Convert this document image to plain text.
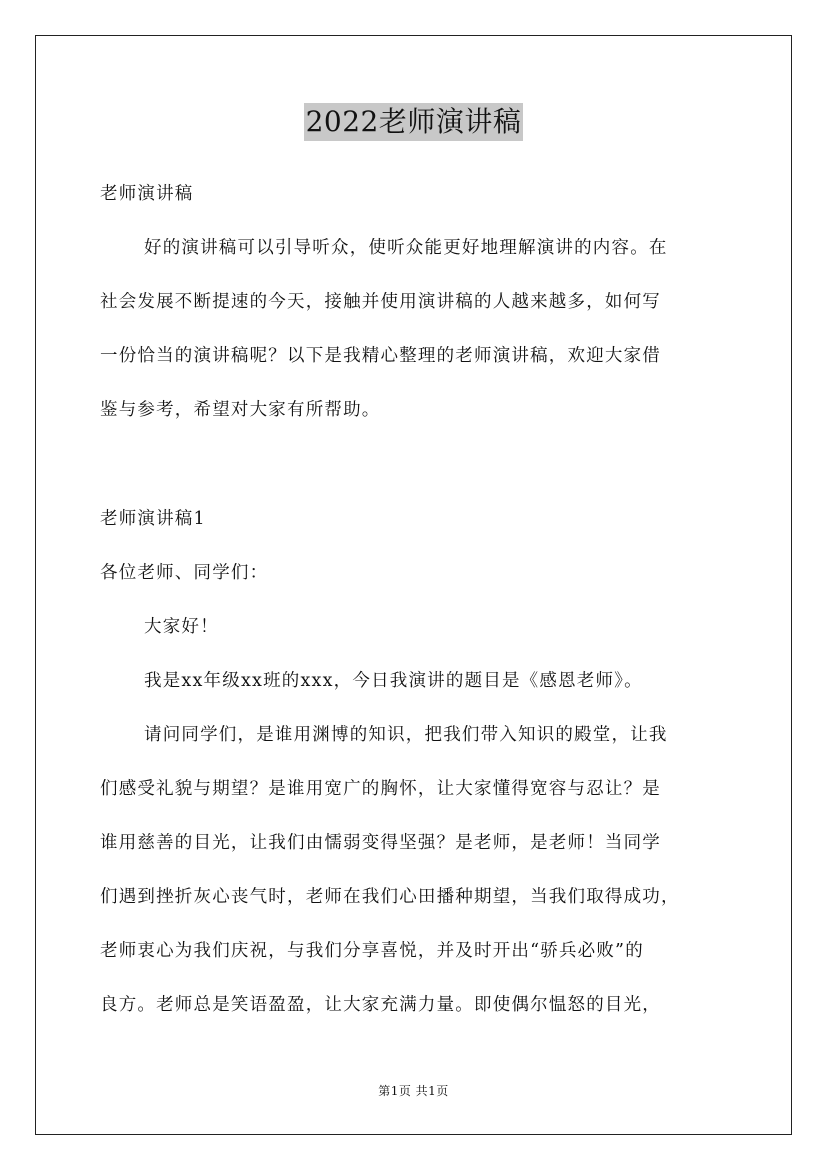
2022老师演讲稿
老师演讲稿
好的演讲稿可以引导听众，使听众能更好地理解演讲的内容。在
社会发展不断提速的今天，接触并使用演讲稿的人越来越多，如何写
一份恰当的演讲稿呢？以下是我精心整理的老师演讲稿，欢迎大家借
鉴与参考，希望对大家有所帮助。
老师演讲稿1
各位老师、同学们：
大家好！
我是xx年级xx班的xxx，今日我演讲的题目是《感恩老师》。
请问同学们，是谁用渊博的知识，把我们带入知识的殿堂，让我
们感受礼貌与期望？是谁用宽广的胸怀，让大家懂得宽容与忍让？是
谁用慈善的目光，让我们由懦弱变得坚强？是老师，是老师！当同学
们遇到挫折灰心丧气时，老师在我们心田播种期望，当我们取得成功，
老师衷心为我们庆祝，与我们分享喜悦，并及时开出“骄兵必败”的
良方。老师总是笑语盈盈，让大家充满力量。即使偶尔愠怒的目光，
第1页 共1页
